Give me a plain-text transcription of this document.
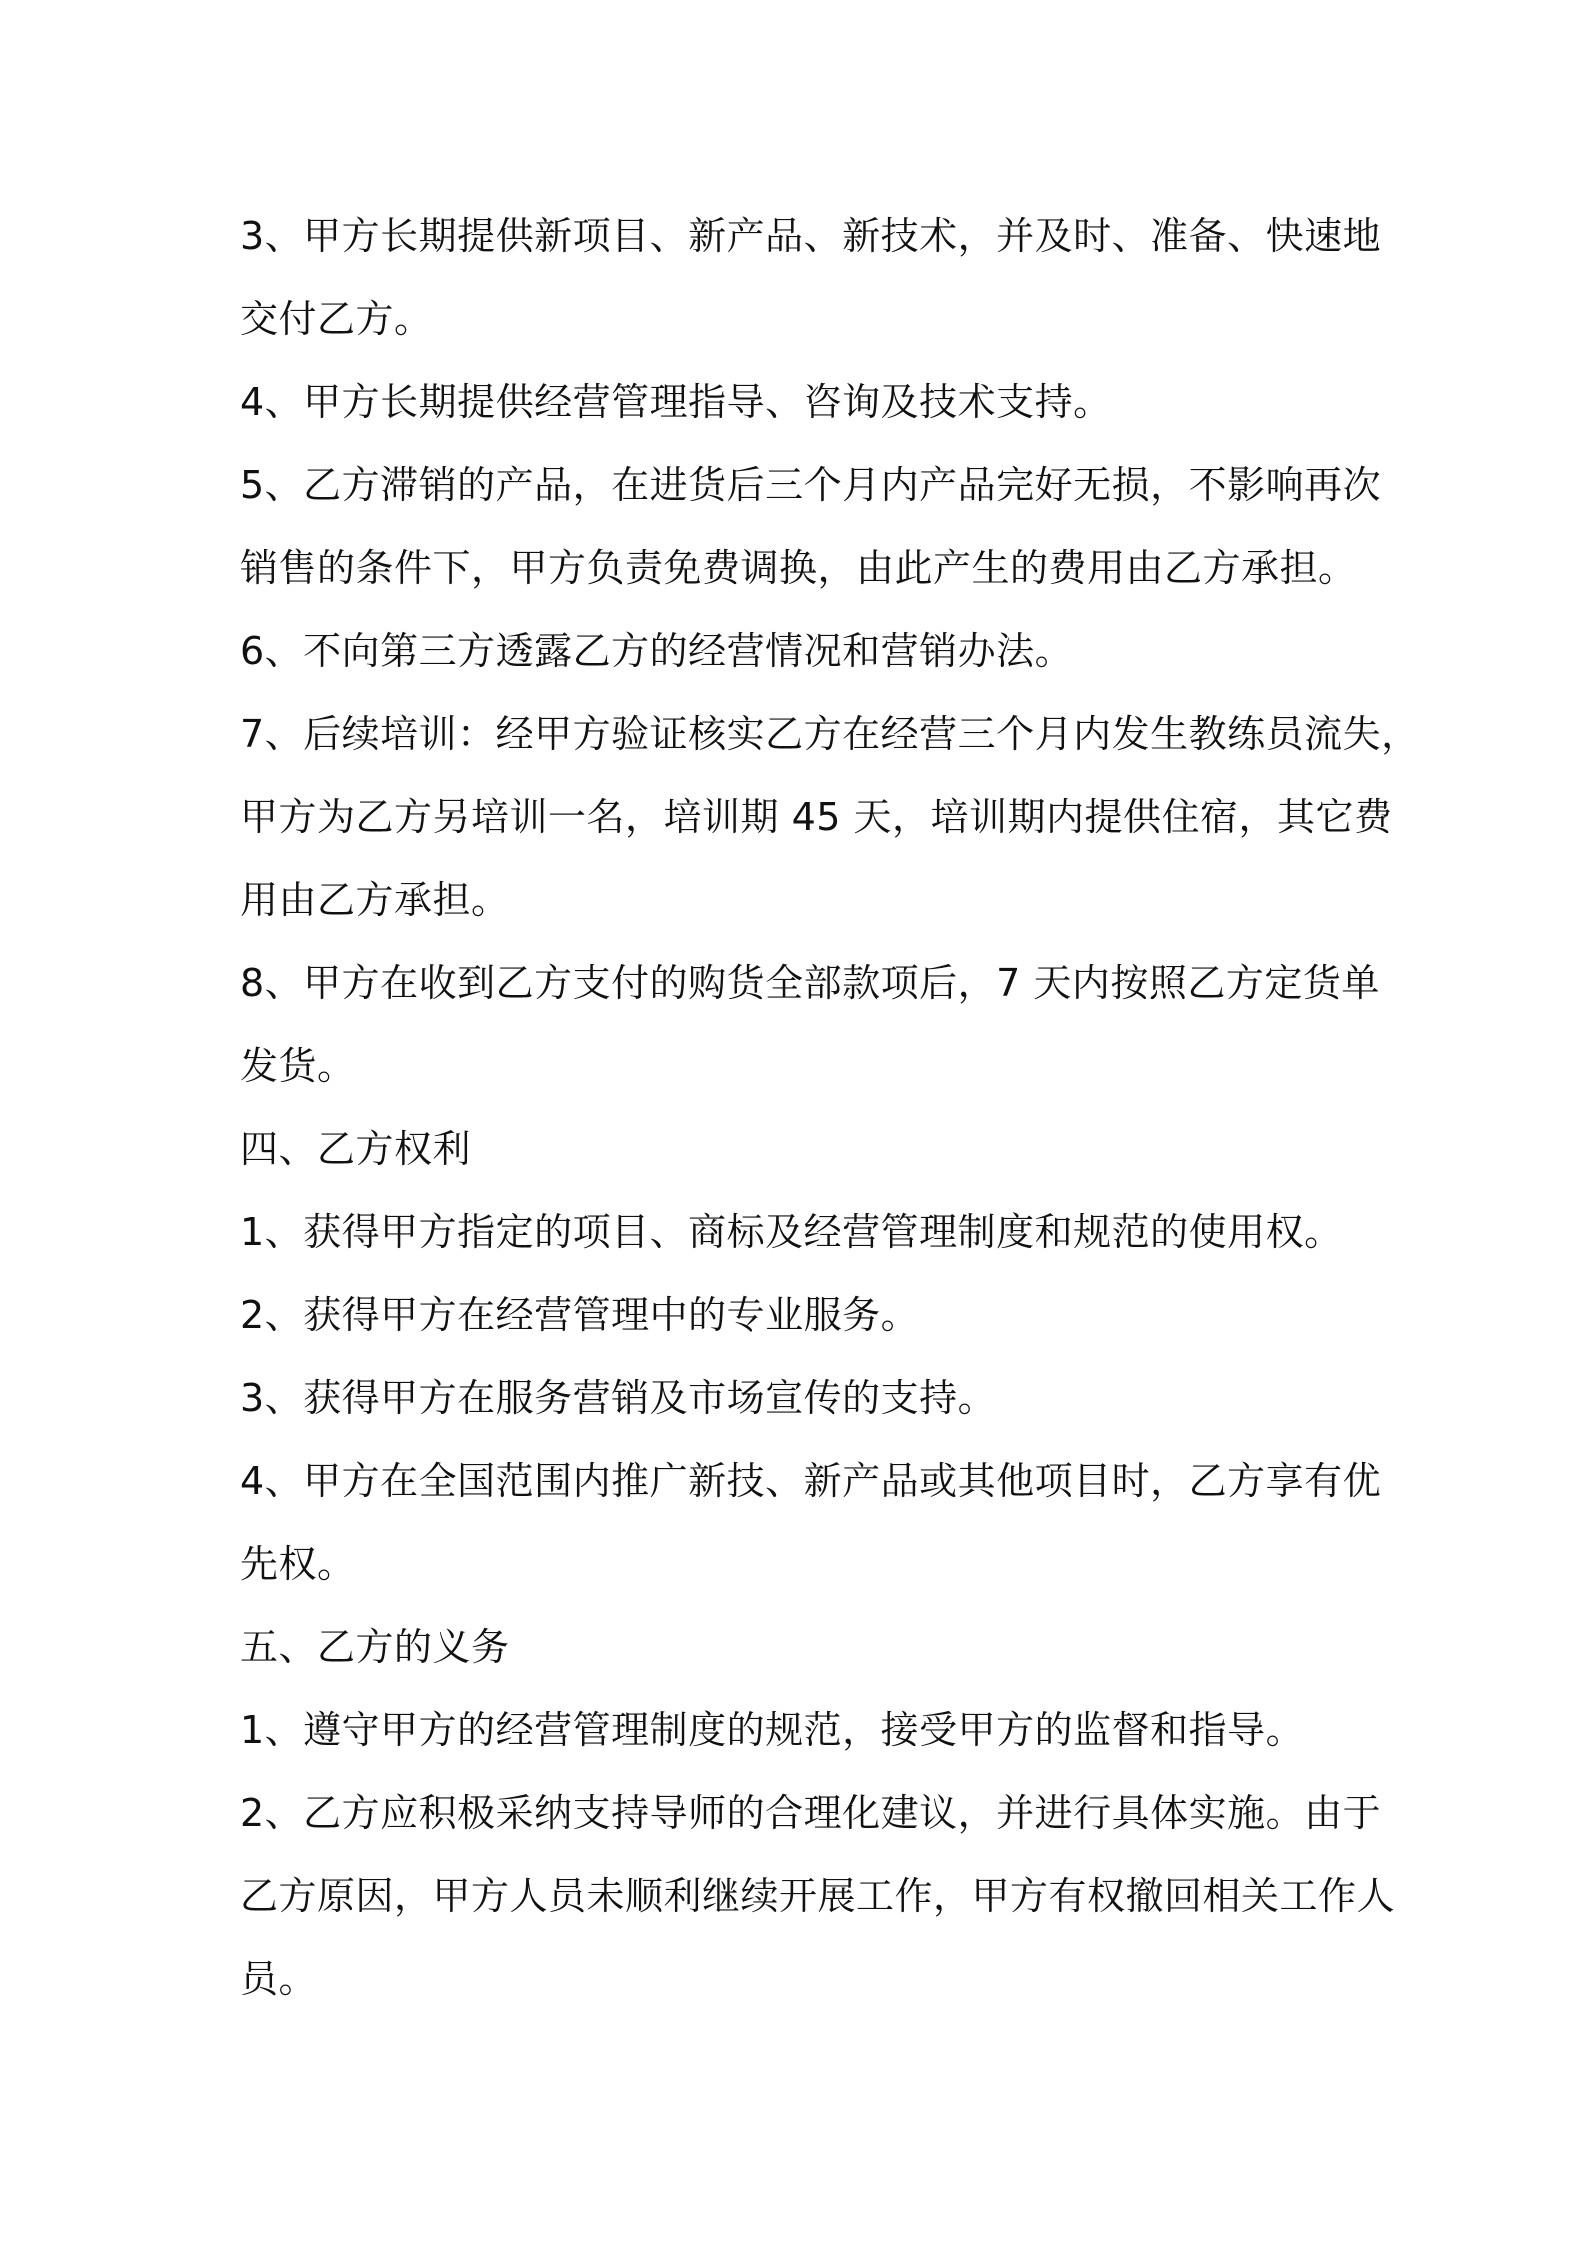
3、甲方长期提供新项目、新产品、新技术，并及时、准备、快速地
交付乙方。
4、甲方长期提供经营管理指导、咨询及技术支持。
5、乙方滞销的产品，在进货后三个月内产品完好无损，不影响再次
销售的条件下，甲方负责免费调换，由此产生的费用由乙方承担。
6、不向第三方透露乙方的经营情况和营销办法。
7、后续培训：经甲方验证核实乙方在经营三个月内发生教练员流失，
甲方为乙方另培训一名，培训期 45 天，培训期内提供住宿，其它费
用由乙方承担。
8、甲方在收到乙方支付的购货全部款项后，7 天内按照乙方定货单
发货。
四、乙方权利
1、获得甲方指定的项目、商标及经营管理制度和规范的使用权。
2、获得甲方在经营管理中的专业服务。
3、获得甲方在服务营销及市场宣传的支持。
4、甲方在全国范围内推广新技、新产品或其他项目时，乙方享有优
先权。
五、乙方的义务
1、遵守甲方的经营管理制度的规范，接受甲方的监督和指导。
2、乙方应积极采纳支持导师的合理化建议，并进行具体实施。由于
乙方原因，甲方人员未顺利继续开展工作，甲方有权撤回相关工作人
员。
